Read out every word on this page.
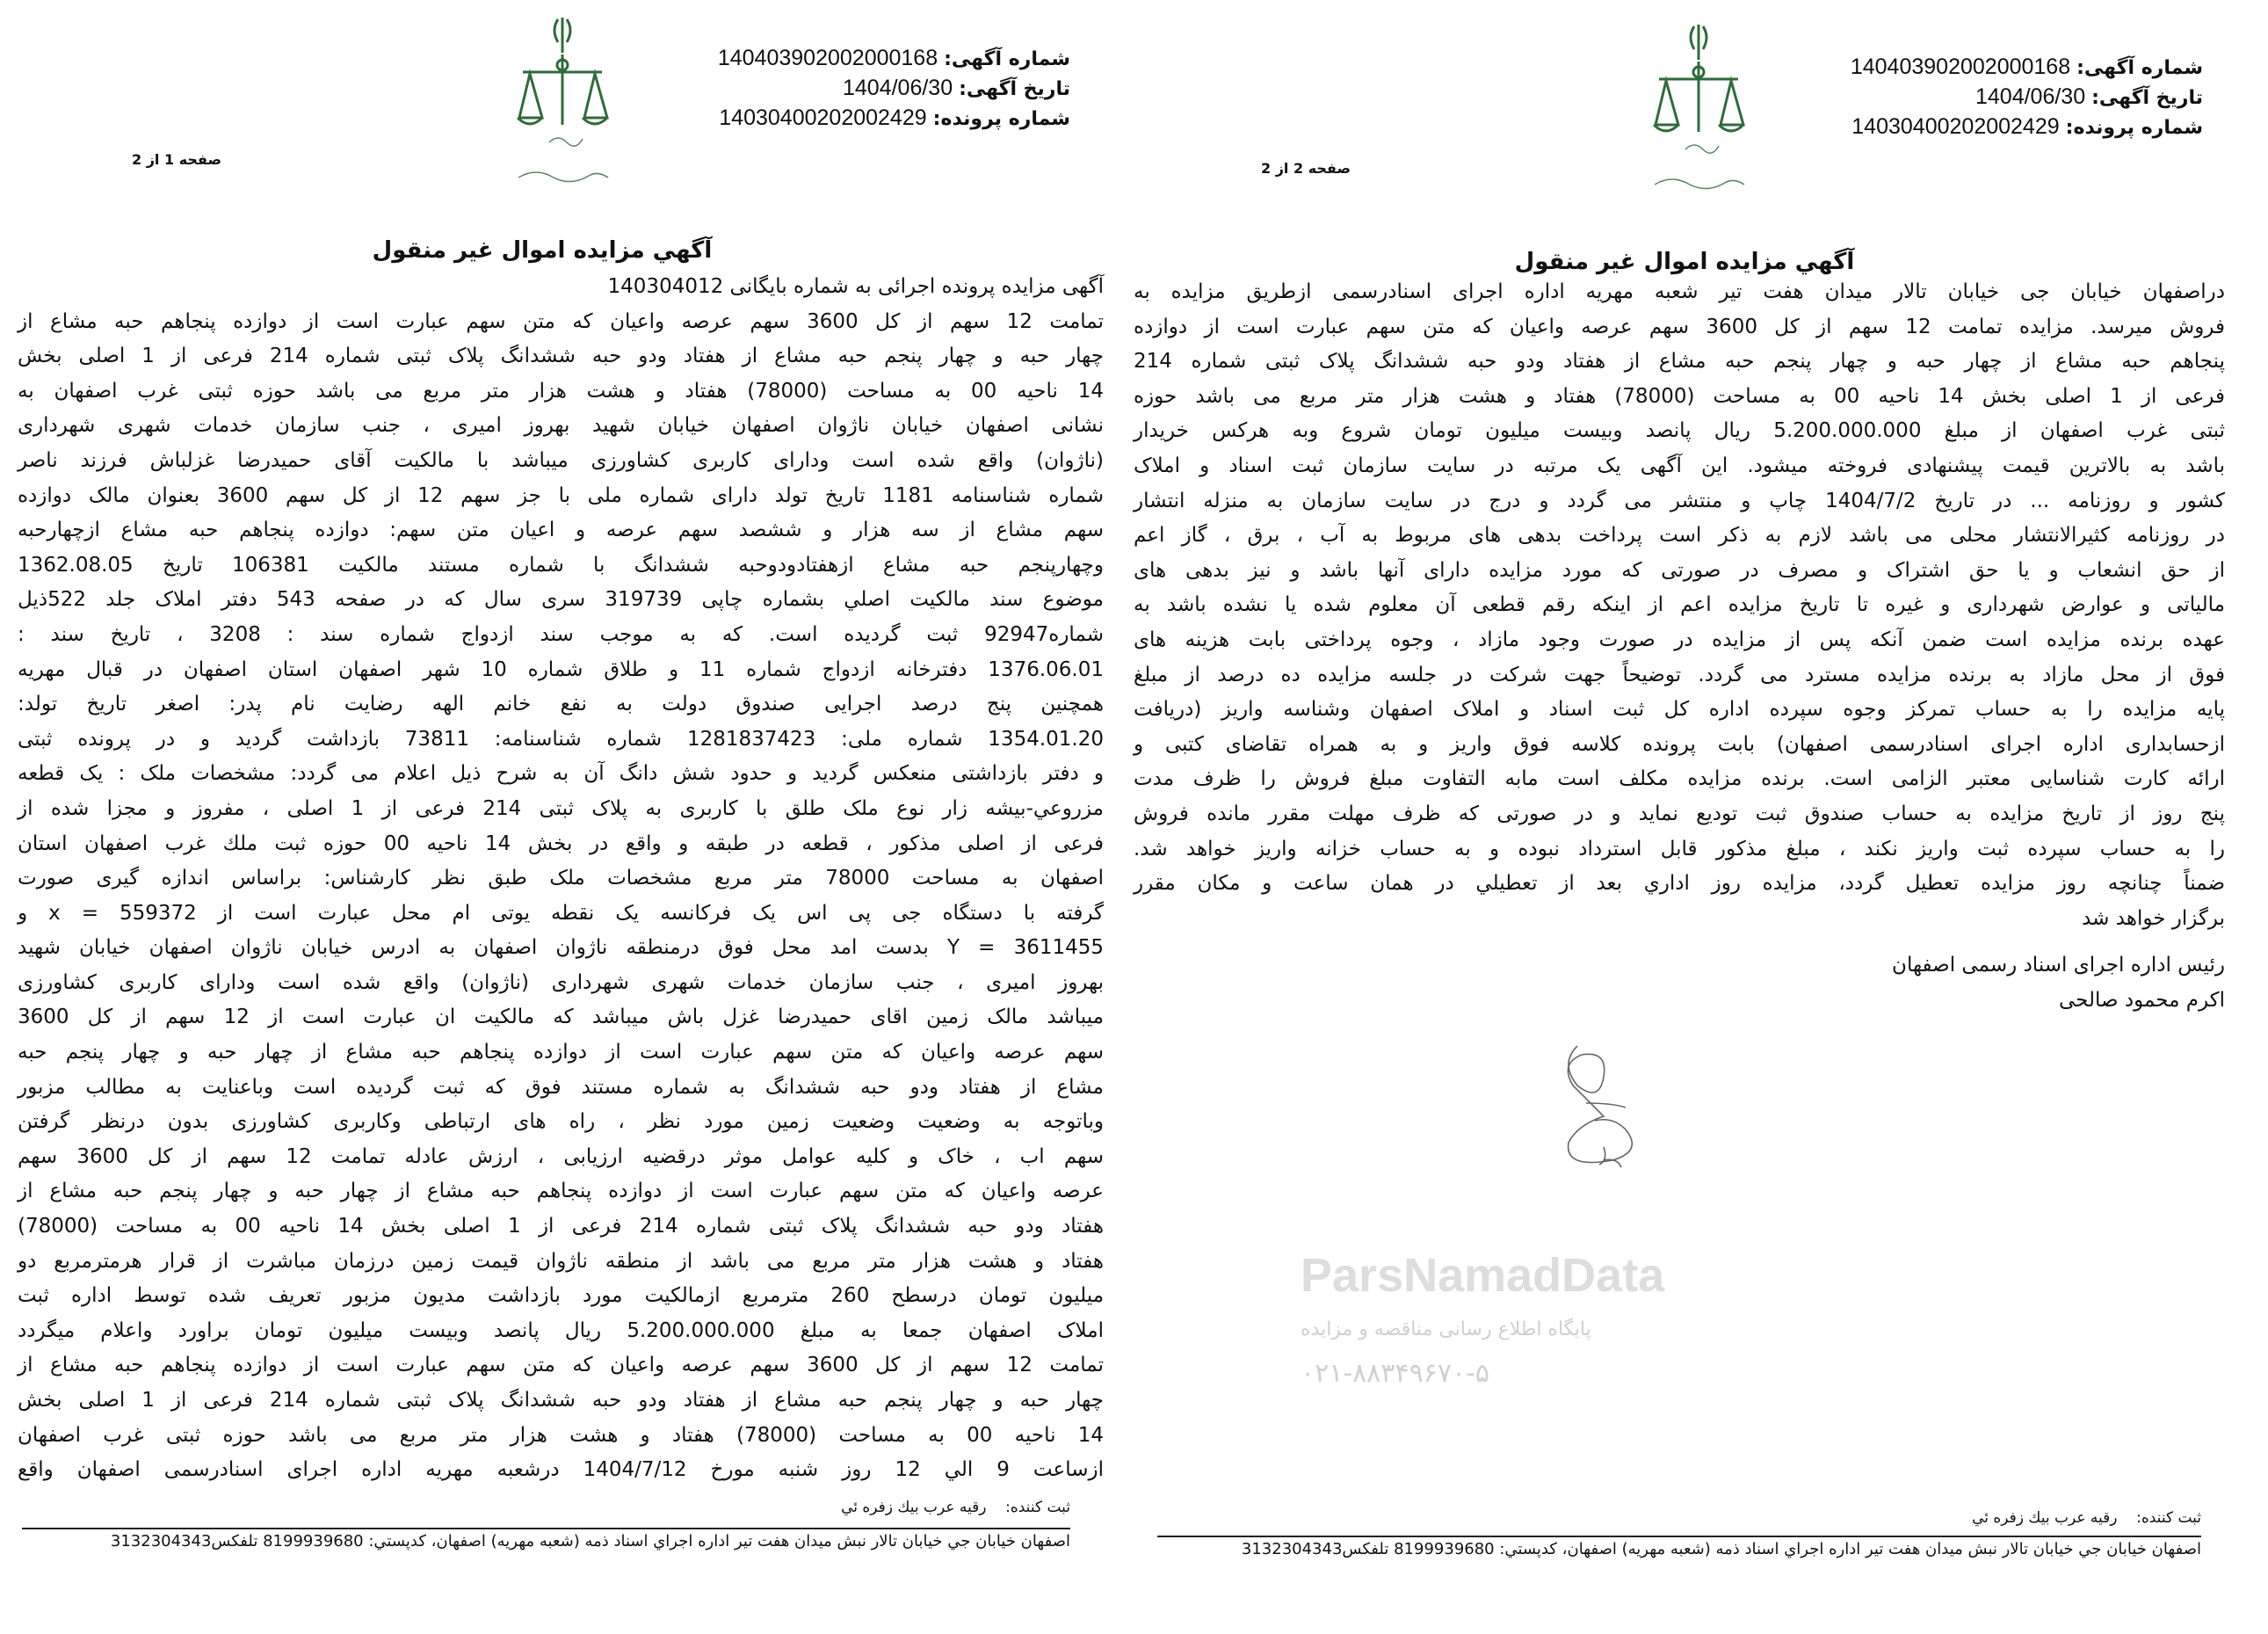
شماره آگهی: 140403902002000168
تاریخ آگهی: 1404/06/30
شماره پرونده: 14030400202002429
صفحه 1 از 2
آگهي مزايده اموال غير منقول
آگهی مزایده پرونده اجرائی به شماره بایگانی 140304012
تمامت 12 سهم از کل 3600 سهم عرصه واعیان که متن سهم عبارت است از دوازده پنجاهم حبه مشاع از
چهار حبه و چهار پنجم حبه مشاع از هفتاد ودو حبه ششدانگ پلاک ثبتی شماره 214 فرعی از 1 اصلی بخش
14 ناحیه 00 به مساحت (78000) هفتاد و هشت هزار متر مربع می باشد حوزه ثبتی غرب اصفهان به
نشانی اصفهان خیابان ناژوان اصفهان خیابان شهید بهروز امیری ، جنب سازمان خدمات شهری شهرداری
(ناژوان) واقع شده است ودارای کاربری کشاورزی میباشد با مالکیت آقای حمیدرضا غزلباش فرزند ناصر
شماره شناسنامه 1181 تاریخ تولد دارای شماره ملی با جز سهم 12 از کل سهم 3600 بعنوان مالک دوازده
سهم مشاع از سه هزار و ششصد سهم عرصه و اعیان متن سهم: دوازده پنجاهم حبه مشاع ازچهارحبه
وچهارپنجم حبه مشاع ازهفتادودوحبه ششدانگ با شماره مستند مالکیت 106381 تاریخ 1362.08.05
موضوع سند مالکیت اصلي بشماره چاپی 319739 سری سال که در صفحه 543 دفتر املاک جلد 522ذیل
شماره92947 ثبت گردیده است. که به موجب سند ازدواج شماره سند : 3208 ، تاریخ سند :
1376.06.01 دفترخانه ازدواج شماره 11 و طلاق شماره 10 شهر اصفهان استان اصفهان در قبال مهریه
همچنین پنج درصد اجرایی صندوق دولت به نفع خانم الهه رضایت نام پدر: اصغر تاریخ تولد:
1354.01.20 شماره ملی: 1281837423 شماره شناسنامه: 73811 بازداشت گردید و در پرونده ثبتی
و دفتر بازداشتی منعکس گردید و حدود شش دانگ آن به شرح ذیل اعلام می گردد: مشخصات ملک : یک قطعه
مزروعي-بیشه زار نوع ملک طلق با کاربری به پلاک ثبتی 214 فرعی از 1 اصلی ، مفروز و مجزا شده از
فرعی از اصلی مذکور ، قطعه در طبقه و واقع در بخش 14 ناحیه 00 حوزه ثبت ملك غرب اصفهان استان
اصفهان به مساحت 78000 متر مربع مشخصات ملک طبق نظر کارشناس: براساس اندازه گیری صورت
گرفته با دستگاه جی پی اس یک فرکانسه یک نقطه یوتی ام محل عبارت است از 559372 = x و
3611455 = Y بدست امد محل فوق درمنطقه ناژوان اصفهان به ادرس خیابان ناژوان اصفهان خیابان شهید
بهروز امیری ، جنب سازمان خدمات شهری شهرداری (ناژوان) واقع شده است ودارای کاربری کشاورزی
میباشد مالک زمین اقای حمیدرضا غزل باش میباشد که مالکیت ان عبارت است از 12 سهم از کل 3600
سهم عرصه واعیان که متن سهم عبارت است از دوازده پنجاهم حبه مشاع از چهار حبه و چهار پنجم حبه
مشاع از هفتاد ودو حبه ششدانگ به شماره مستند فوق که ثبت گردیده است وباعنایت به مطالب مزبور
وباتوجه به وضعیت وضعیت زمین مورد نظر ، راه های ارتباطی وکاربری کشاورزی بدون درنظر گرفتن
سهم اب ، خاک و کلیه عوامل موثر درقضیه ارزیابی ، ارزش عادله تمامت 12 سهم از کل 3600 سهم
عرصه واعیان که متن سهم عبارت است از دوازده پنجاهم حبه مشاع از چهار حبه و چهار پنجم حبه مشاع از
هفتاد ودو حبه ششدانگ پلاک ثبتی شماره 214 فرعی از 1 اصلی بخش 14 ناحیه 00 به مساحت (78000)
هفتاد و هشت هزار متر مربع می باشد از منطقه ناژوان قیمت زمین درزمان مباشرت از قرار هرمترمربع دو
میلیون تومان درسطح 260 مترمربع ازمالکیت مورد بازداشت مدیون مزبور تعریف شده توسط اداره ثبت
املاک اصفهان جمعا به مبلغ 5.200.000.000 ریال پانصد وبیست میلیون تومان براورد واعلام میگردد
تمامت 12 سهم از کل 3600 سهم عرصه واعیان که متن سهم عبارت است از دوازده پنجاهم حبه مشاع از
چهار حبه و چهار پنجم حبه مشاع از هفتاد ودو حبه ششدانگ پلاک ثبتی شماره 214 فرعی از 1 اصلی بخش
14 ناحیه 00 به مساحت (78000) هفتاد و هشت هزار متر مربع می باشد حوزه ثبتی غرب اصفهان
ازساعت 9 الي 12 روز شنبه مورخ 1404/7/12 درشعبه مهریه اداره اجرای اسنادرسمی اصفهان واقع
ثبت کننده:    رقيه عرب بيك زفره ئي
اصفهان خيابان جي خيابان تالار نبش ميدان هفت تير اداره اجراي اسناد ذمه (شعبه مهريه) اصفهان، كدپستي: 8199939680 تلفكس3132304343
شماره آگهی: 140403902002000168
تاریخ آگهی: 1404/06/30
شماره پرونده: 14030400202002429
صفحه 2 از 2
آگهي مزايده اموال غير منقول
دراصفهان خیابان جی خیابان تالار میدان هفت تیر شعبه مهریه اداره اجرای اسنادرسمی ازطریق مزایده به
فروش میرسد. مزایده تمامت 12 سهم از کل 3600 سهم عرصه واعیان که متن سهم عبارت است از دوازده
پنجاهم حبه مشاع از چهار حبه و چهار پنجم حبه مشاع از هفتاد ودو حبه ششدانگ پلاک ثبتی شماره 214
فرعی از 1 اصلی بخش 14 ناحیه 00 به مساحت (78000) هفتاد و هشت هزار متر مربع می باشد حوزه
ثبتی غرب اصفهان از مبلغ 5.200.000.000 ریال پانصد وبیست میلیون تومان شروع وبه هرکس خریدار
باشد به بالاترین قیمت پیشنهادی فروخته میشود. این آگهی یک مرتبه در سایت سازمان ثبت اسناد و املاک
کشور و روزنامه ... در تاریخ 1404/7/2 چاپ و منتشر می گردد و درج در سایت سازمان به منزله انتشار
در روزنامه کثیرالانتشار محلی می باشد لازم به ذکر است پرداخت بدهی های مربوط به آب ، برق ، گاز اعم
از حق انشعاب و یا حق اشتراک و مصرف در صورتی که مورد مزایده دارای آنها باشد و نیز بدهی های
مالیاتی و عوارض شهرداری و غیره تا تاریخ مزایده اعم از اینکه رقم قطعی آن معلوم شده یا نشده باشد به
عهده برنده مزایده است ضمن آنکه پس از مزایده در صورت وجود مازاد ، وجوه پرداختی بابت هزینه های
فوق از محل مازاد به برنده مزایده مسترد می گردد. توضیحاً جهت شرکت در جلسه مزایده ده درصد از مبلغ
پایه مزایده را به حساب تمرکز وجوه سپرده اداره کل ثبت اسناد و املاک اصفهان وشناسه واریز (دریافت
ازحسابداری اداره اجرای اسنادرسمی اصفهان) بابت پرونده کلاسه فوق واریز و به همراه تقاضای کتبی و
ارائه کارت شناسایی معتبر الزامی است. برنده مزایده مکلف است مابه التفاوت مبلغ فروش را ظرف مدت
پنج روز از تاریخ مزایده به حساب صندوق ثبت تودیع نماید و در صورتی که ظرف مهلت مقرر مانده فروش
را به حساب سپرده ثبت واریز نکند ، مبلغ مذکور قابل استرداد نبوده و به حساب خزانه واریز خواهد شد.
ضمناً چنانچه روز مزایده تعطیل گردد، مزایده روز اداري بعد از تعطیلي در همان ساعت و مکان مقرر
برگزار خواهد شد
رئیس اداره اجرای اسناد رسمی اصفهان
اکرم محمود صالحی
ثبت کننده:    رقيه عرب بيك زفره ئي
اصفهان خيابان جي خيابان تالار نبش ميدان هفت تير اداره اجراي اسناد ذمه (شعبه مهريه) اصفهان، كدپستي: 8199939680 تلفكس3132304343
ParsNamadData
پایگاه اطلاع رسانی مناقصه و مزایده
۰۲۱-۸۸۳۴۹۶۷۰-۵
